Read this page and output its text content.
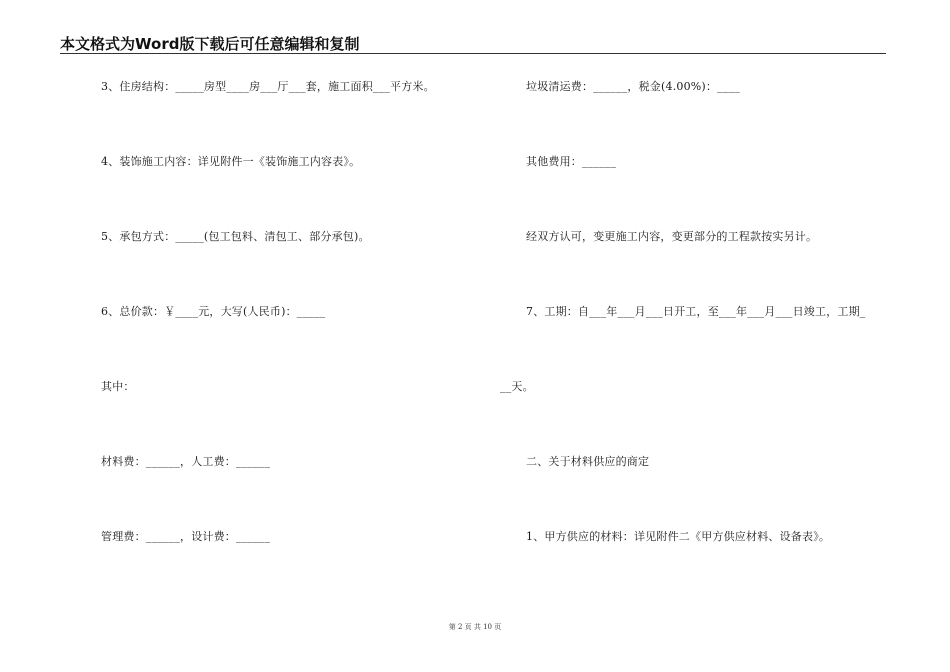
本文格式为Word版下载后可任意编辑和复制
3、住房结构：_____房型____房___厅___套，施工面积___平方米。
4、装饰施工内容：详见附件一《装饰施工内容表》。
5、承包方式：_____(包工包料、清包工、部分承包)。
6、总价款：￥____元，大写(人民币)：_____
其中：
材料费：______，人工费：______
管理费：______，设计费：______
垃圾清运费：______，税金(4.00%)：____
其他费用：______
经双方认可，变更施工内容，变更部分的工程款按实另计。
7、工期：自___年___月___日开工，至___年___月___日竣工，工期_
__天。
二、关于材料供应的商定
1、甲方供应的材料：详见附件二《甲方供应材料、设备表》。
第 2 页 共 10 页
